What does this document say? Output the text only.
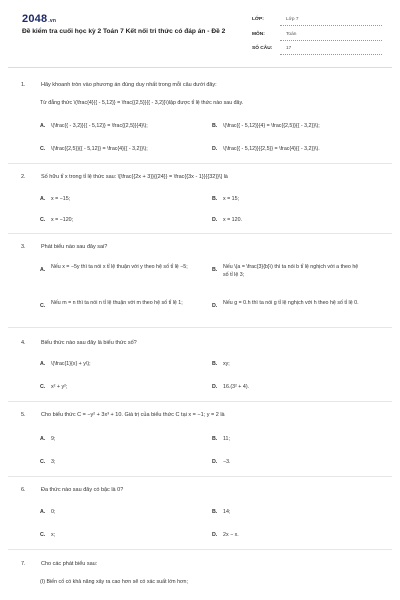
2048.vn
Đề kiểm tra cuối học kỳ 2 Toán 7 Kết nối tri thức có đáp án - Đề 2
LỚP:	Lớp 7
MÔN:	Toán
SỐ CÂU:	17
1.	Hãy khoanh tròn vào phương án đúng duy nhất trong mỗi câu dưới đây:
Từ đẳng thức \(\frac{4}{{ - 5,12}} = \frac{{2,5}}{{ - 3,2}}\)lập được tỉ lệ thức nào sau đây.
A. \(\frac{{ - 3,2}}{{ - 5,12}} = \frac{{2,5}}{4}\);	B. \(\frac{{ - 5,12}}{4} = \frac{{2,5}}{{ - 3,2}}\);
C. \(\frac{{2,5}}{{ - 5,12}} = \frac{4}{{ - 3,2}}\);	D. \(\frac{{ - 5,12}}{{2,5}} = \frac{4}{{ - 3,2}}\).
2.	Số hữu tỉ x trong tỉ lệ thức sau: \[\frac{{2x + 3}}{{24}} = \frac{{3x - 1}}{{32}}\] là
A. x = −15;	B. x = 15;
C. x = −120;	D. x = 120.
3.	Phát biểu nào sau đây sai?
A. Nếu x = −5y thì ta nói x tỉ lệ thuận với y theo hệ số tỉ lệ −5;	B. Nếu \(a = \frac{3}{b}\) thì ta nói b tỉ lệ nghịch với a theo hệ số tỉ lệ 3;
C. Nếu m = n thì ta nói n tỉ lệ thuận với m theo hệ số tỉ lệ 1;	D. Nếu g = 0.h thì ta nói g tỉ lệ nghịch với h theo hệ số tỉ lệ 0.
4.	Biểu thức nào sau đây là biểu thức số?
A. \(\frac{1}{x} + y\);	B. xy;
C. x² + y²;	D. 16.(3² + 4).
5.	Cho biểu thức C = −y² + 3x³ + 10. Giá trị của biểu thức C tại x = −1; y = 2 là
A. 9;	B. 11;
C. 3;	D. −3.
6.	Đa thức nào sau đây có bậc là 0?
A. 0;	B. 14;
C. x;	D. 2x − x.
7.	Cho các phát biểu sau:
(I) Biến cố có khả năng xảy ra cao hơn sẽ có xác suất lớn hơn;
